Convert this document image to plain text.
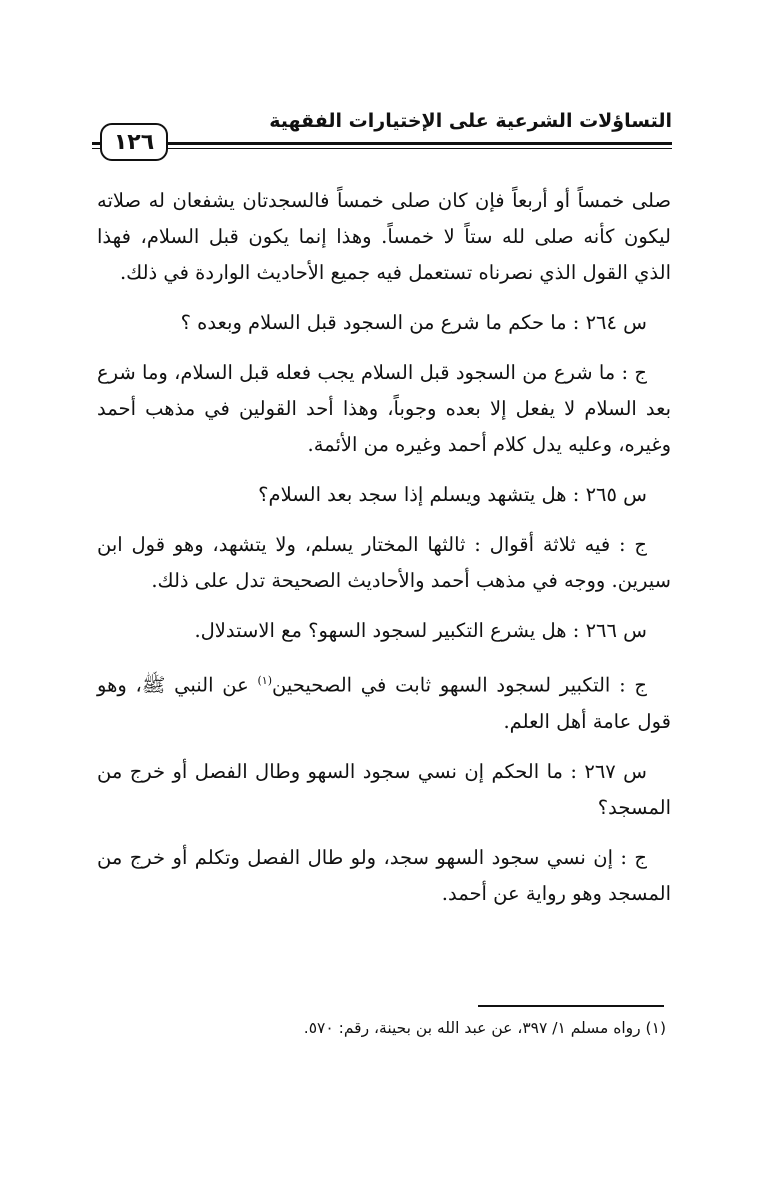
التساؤلات الشرعية على الإختيارات الفقهية
١٢٦

صلى خمساً أو أربعاً فإن كان صلى خمساً فالسجدتان يشفعان له صلاته ليكون كأنه صلى لله ستاً لا خمساً. وهذا إنما يكون قبل السلام، فهذا الذي القول الذي نصرناه تستعمل فيه جميع الأحاديث الواردة في ذلك.

س ٢٦٤ : ما حكم ما شرع من السجود قبل السلام وبعده ؟

ج : ما شرع من السجود قبل السلام يجب فعله قبل السلام، وما شرع بعد السلام لا يفعل إلا بعده وجوباً، وهذا أحد القولين في مذهب أحمد وغيره، وعليه يدل كلام أحمد وغيره من الأئمة.

س ٢٦٥ : هل يتشهد ويسلم إذا سجد بعد السلام؟

ج : فيه ثلاثة أقوال : ثالثها المختار يسلم، ولا يتشهد، وهو قول ابن سيرين. ووجه في مذهب أحمد والأحاديث الصحيحة تدل على ذلك.

س ٢٦٦ : هل يشرع التكبير لسجود السهو؟ مع الاستدلال.

ج : التكبير لسجود السهو ثابت في الصحيحين$^{(١)}$ عن النبي ﷺ، وهو قول عامة أهل العلم.

س ٢٦٧ : ما الحكم إن نسي سجود السهو وطال الفصل أو خرج من المسجد؟

ج : إن نسي سجود السهو سجد، ولو طال الفصل وتكلم أو خرج من المسجد وهو رواية عن أحمد.

(١) رواه مسلم ١/ ٣٩٧، عن عبد الله بن بحينة، رقم: ٥٧٠.
